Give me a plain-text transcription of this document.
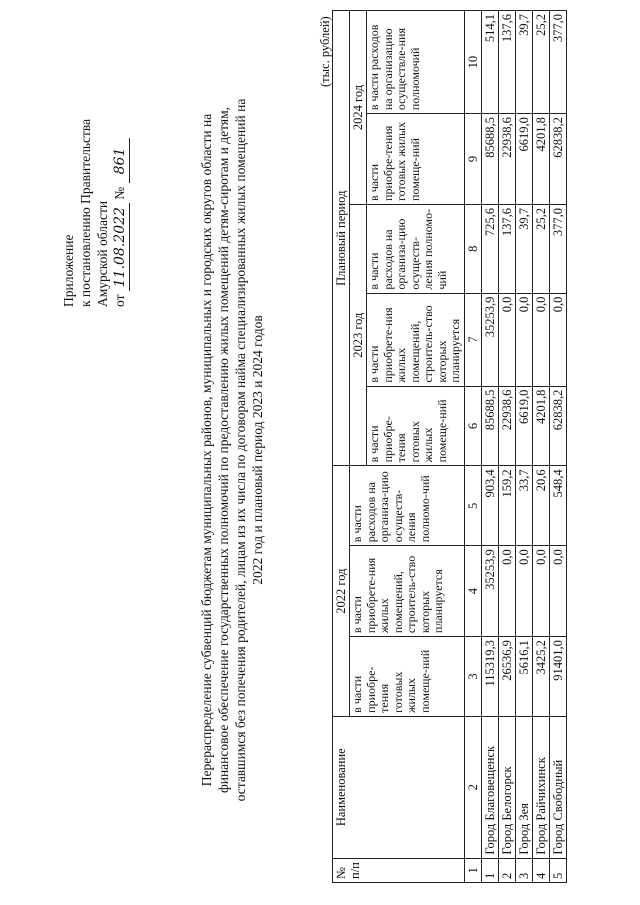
Приложение к постановлению Правительства Амурской области от 11.08.2022 № 861	Перераспределение субвенций бюджетам муниципальных районов, муниципальных и городских округов области на финансовое обеспечение государственных полномочий по предоставлению жилых помещений детям-сиротам и детям, оставшимся без попечения родителей, лицам из их числа по договорам найма специализированных жилых помещений на 2022 год и плановый период 2023 и 2024 годов
(тыс. рублей)
№ п/п	Наименование	2022 год			Плановый период				
		в части приобре-тения готовых жилых помеще-ний	в части приобрете-ния жилых помещений, строитель-ство которых планируется	в части расходов на организа-цию осуществ-ления полномо-чий	2023 год			2024 год	
					в части приобре-тения готовых жилых помеще-ний	в части приобрете-ния жилых помещений, строитель-ство которых планируется	в части расходов на организа-цию осуществ-ления полномо-чий	в части приобре-тения готовых жилых помеще-ний	в части расходов на организацию осуществле-ния полномочий
1	2	3	4	5	6	7	8	9	10
1	Город Благовещенск	115319,3	35253,9	903,4	85688,5	35253,9	725,6	85688,5	514,1
2	Город Белогорск	26536,9	0,0	159,2	22938,6	0,0	137,6	22938,6	137,6
3	Город Зея	5616,1	0,0	33,7	6619,0	0,0	39,7	6619,0	39,7
4	Город Райчихинск	3425,2	0,0	20,6	4201,8	0,0	25,2	4201,8	25,2
5	Город Свободный	91401,0	0,0	548,4	62838,2	0,0	377,0	62838,2	377,0
